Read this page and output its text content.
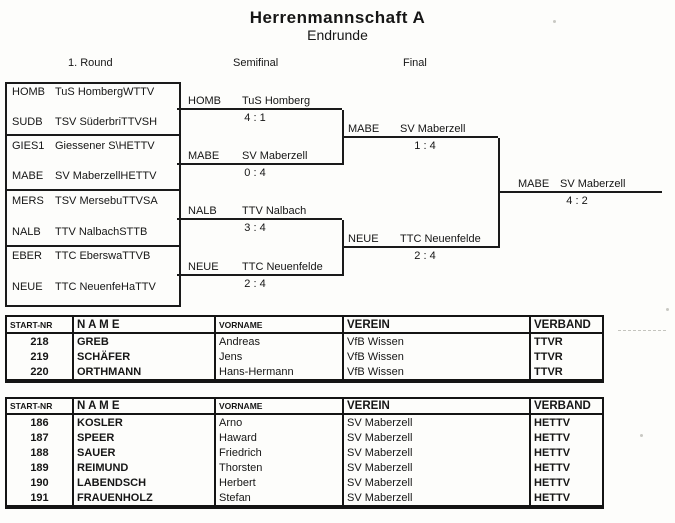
Herrenmannschaft A
Endrunde
1. Round	Semifinal	Final
HOMB TuS HombergWTTV
SUDB	TSV SüderbriTTVSH
GIES1 Giessener S\HETTV
MABE	SV MaberzellHETTV
MERS	TSV MersebuTTVSA
NALB	TTV NalbachSTTB
EBER	TTC EberswaTTVB
NEUE	TTC NeuenfeHaTTV
HOMB	TuS Homberg
4 : 1
MABE	SV Maberzell
0 : 4
NALB	TTV Nalbach
3 : 4
NEUE	TTC Neuenfelde
2 : 4
MABE	SV Maberzell
1 : 4
NEUE	TTC Neuenfelde
2 : 4
MABE SV Maberzell
4 : 2
START-NR	N A M E	VORNAME	VEREIN	VERBAND
218	GREB	Andreas	VfB Wissen	TTVR
219	SCHÄFER	Jens	VfB Wissen	TTVR
220	ORTHMANN	Hans-Hermann	VfB Wissen	TTVR
START-NR	N A M E	VORNAME	VEREIN	VERBAND
186	KOSLER	Arno	SV Maberzell	HETTV
187	SPEER	Haward	SV Maberzell	HETTV
188	SAUER	Friedrich	SV Maberzell	HETTV
189	REIMUND	Thorsten	SV Maberzell	HETTV
190	LABENDSCH	Herbert	SV Maberzell	HETTV
191	FRAUENHOLZ	Stefan	SV Maberzell	HETTV
